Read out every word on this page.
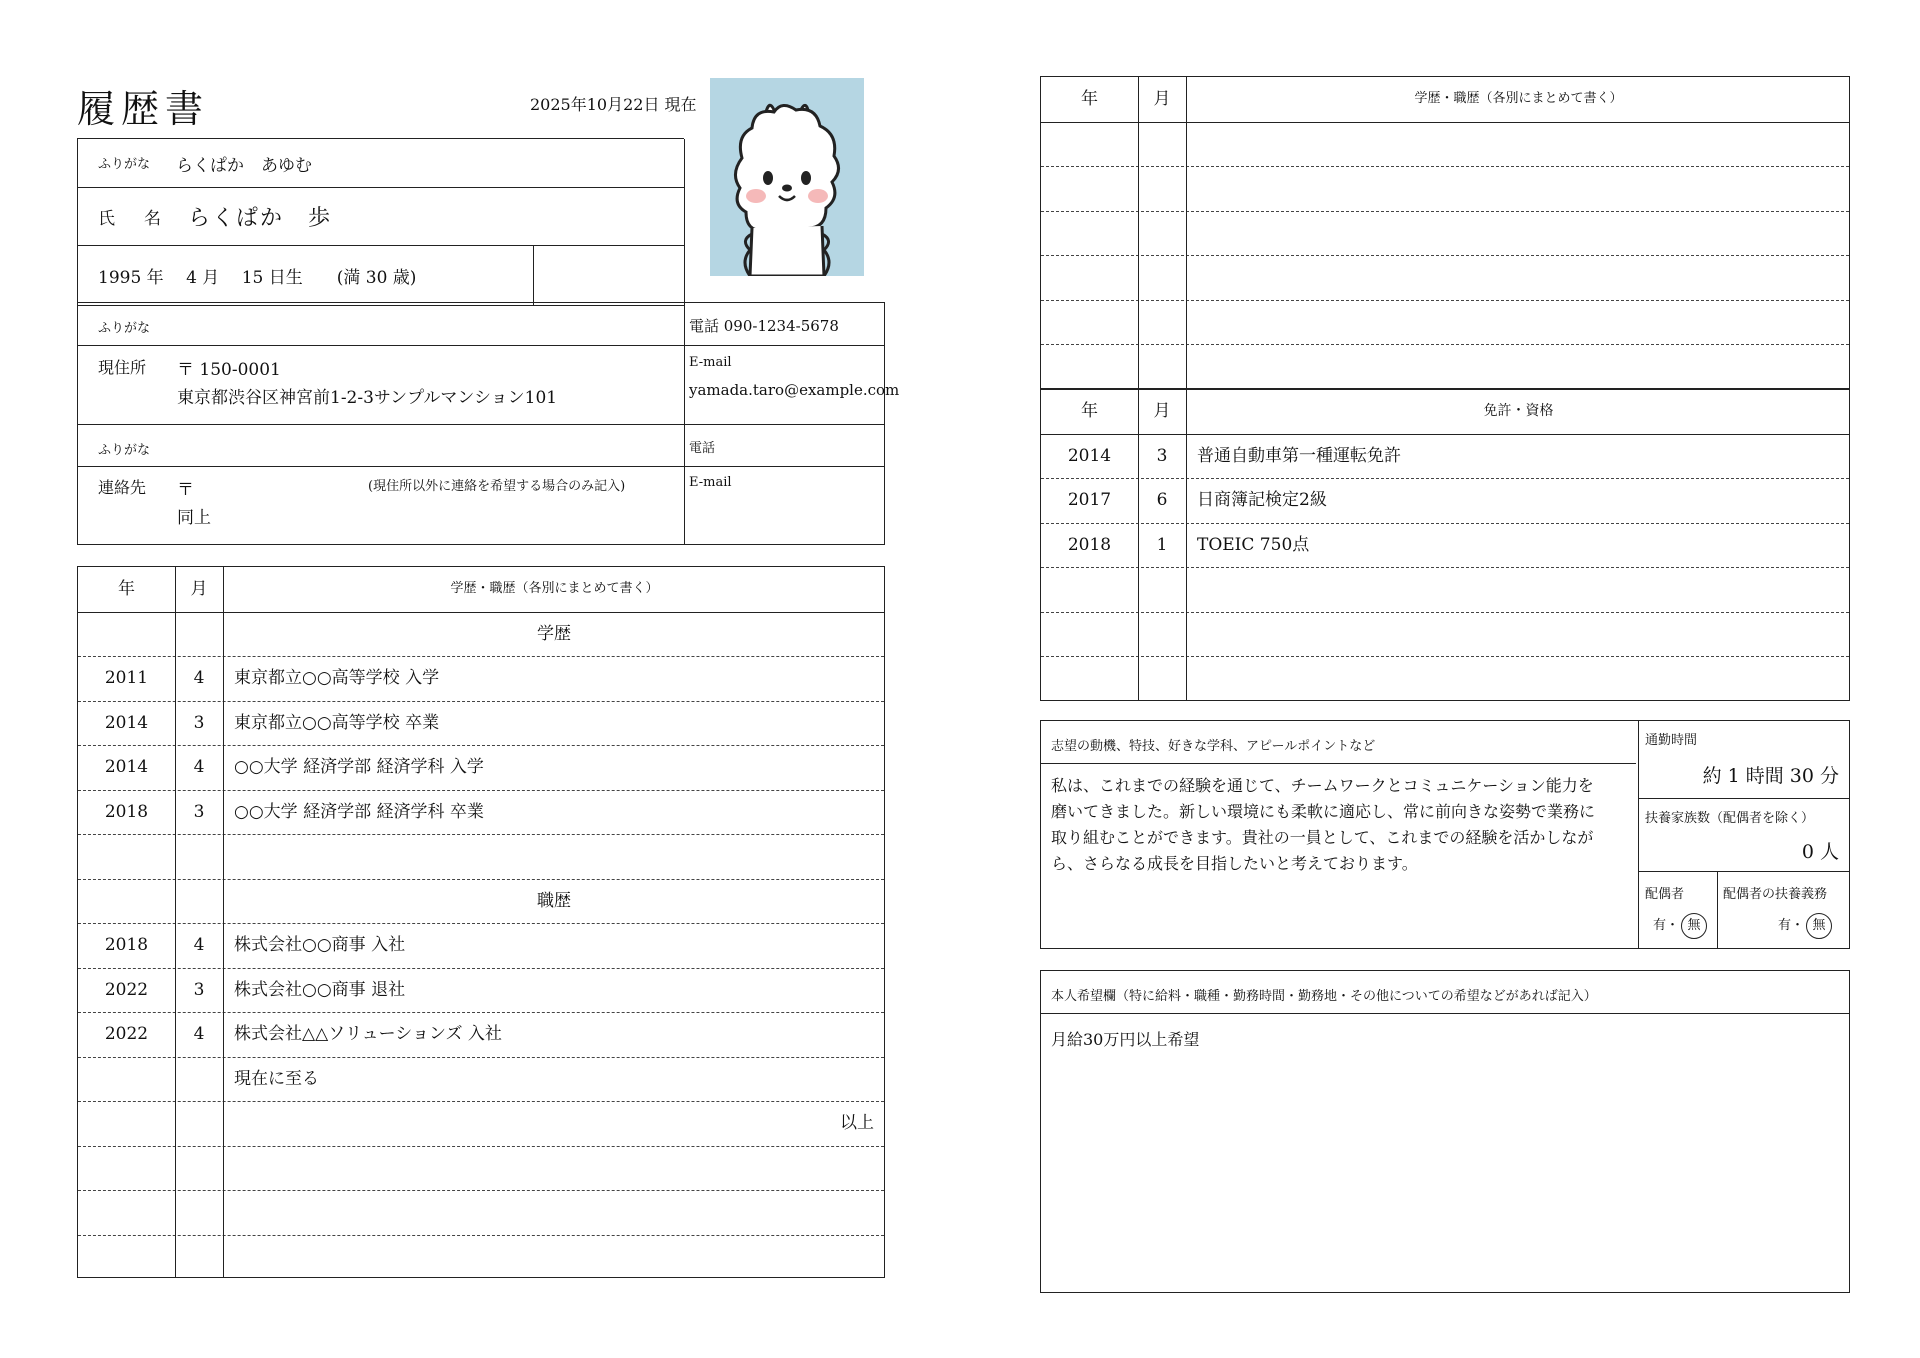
履歴書	2025年10月22日 現在
ふりがな らくぱか　あゆむ
氏　名 らくぱか　歩
1995 年　 4 月　 15 日生　　(満 30 歳)
ふりがな	電話 090-1234-5678
現住所 〒 150-0001
東京都渋谷区神宮前1-2-3サンプルマンション101
E-mail
yamada.taro@example.com
ふりがな	電話
連絡先 〒	(現住所以外に連絡を希望する場合のみ記入)
同上
E-mail
年	月	学歴・職歴（各別にまとめて書く）
学歴
2011	4	東京都立○○高等学校 入学
2014	3	東京都立○○高等学校 卒業
2014	4	○○大学 経済学部 経済学科 入学
2018	3	○○大学 経済学部 経済学科 卒業
職歴
2018	4	株式会社○○商事 入社
2022	3	株式会社○○商事 退社
2022	4	株式会社△△ソリューションズ 入社
現在に至る
以上
年	月	学歴・職歴（各別にまとめて書く）
年	月	免許・資格
2014	3	普通自動車第一種運転免許
2017	6	日商簿記検定2級
2018	1	TOEIC 750点
志望の動機、特技、好きな学科、アピールポイントなど
私は、これまでの経験を通じて、チームワークとコミュニケーション能力を
磨いてきました。新しい環境にも柔軟に適応し、常に前向きな姿勢で業務に
取り組むことができます。貴社の一員として、これまでの経験を活かしなが
ら、さらなる成長を目指したいと考えております。
通勤時間
約 1 時間 30 分
扶養家族数（配偶者を除く）
0 人
配偶者
有・ 無
配偶者の扶養義務
有・ 無
本人希望欄（特に給料・職種・勤務時間・勤務地・その他についての希望などがあれば記入）
月給30万円以上希望
